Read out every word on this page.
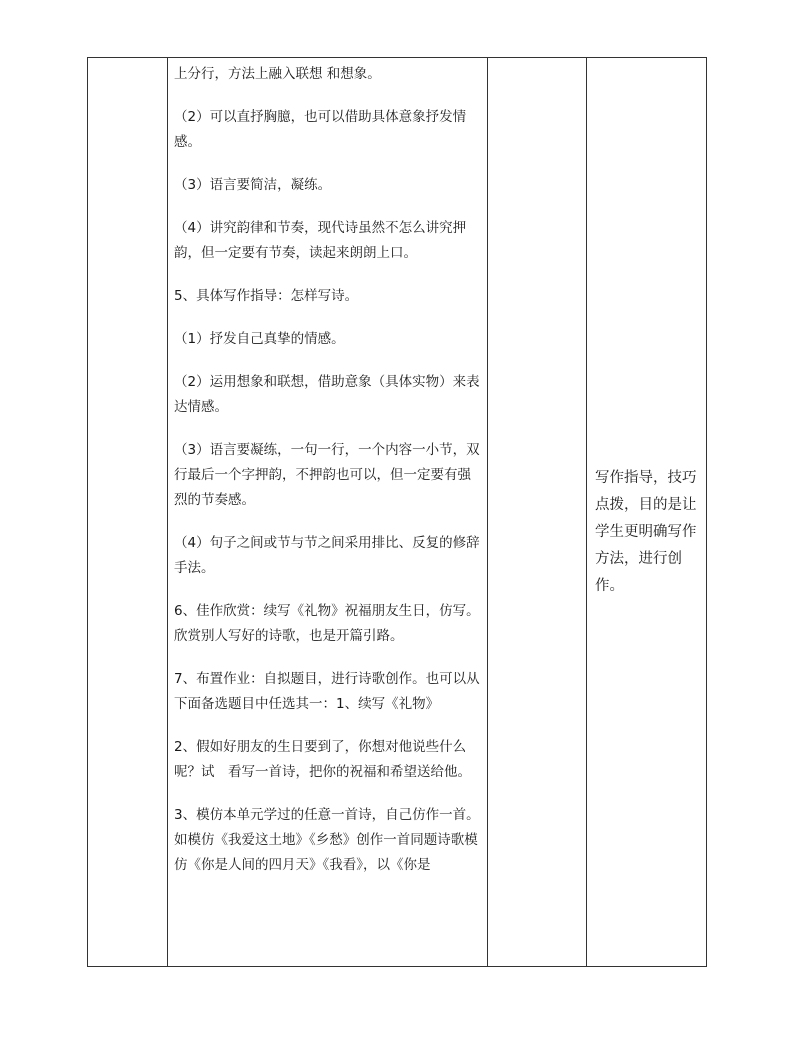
上分行，方法上融入联想 和想象。

（2）可以直抒胸臆，也可以借助具体意象抒发情感。

（3）语言要简洁，凝练。

（4）讲究韵律和节奏，现代诗虽然不怎么讲究押韵，但一定要有节奏，读起来朗朗上口。

5、具体写作指导：怎样写诗。

（1）抒发自己真挚的情感。

（2）运用想象和联想，借助意象（具体实物）来表达情感。

（3）语言要凝练，一句一行，一个内容一小节，双行最后一个字押韵，不押韵也可以，但一定要有强烈的节奏感。

（4）句子之间或节与节之间采用排比、反复的修辞手法。

6、佳作欣赏：续写《礼物》祝福朋友生日，仿写。欣赏别人写好的诗歌，也是开篇引路。

7、布置作业：自拟题目，进行诗歌创作。也可以从下面备选题目中任选其一：1、续写《礼物》

2、假如好朋友的生日要到了，你想对他说些什么呢？试　看写一首诗，把你的祝福和希望送给他。

3、模仿本单元学过的任意一首诗，自己仿作一首。如模仿《我爱这土地》《乡愁》创作一首同题诗歌模仿《你是人间的四月天》《我看》，以《你是

写作指导，技巧点拨，目的是让学生更明确写作方法，进行创作。
